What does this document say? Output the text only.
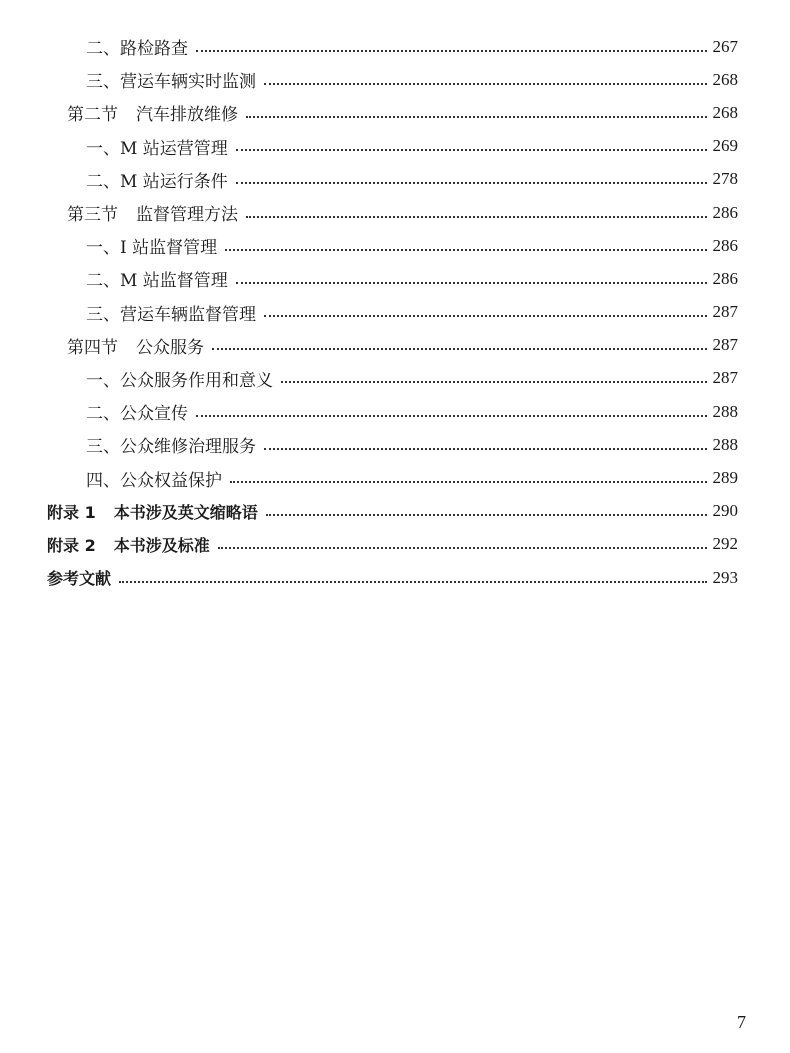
二、路检路查	267
三、营运车辆实时监测	268
第二节 汽车排放维修	268
一、M 站运营管理	269
二、M 站运行条件	278
第三节 监督管理方法	286
一、I 站监督管理	286
二、M 站监督管理	286
三、营运车辆监督管理	287
第四节 公众服务	287
一、公众服务作用和意义	287
二、公众宣传	288
三、公众维修治理服务	288
四、公众权益保护	289
附录 1 本书涉及英文缩略语	290
附录 2 本书涉及标准	292
参考文献	293
7
